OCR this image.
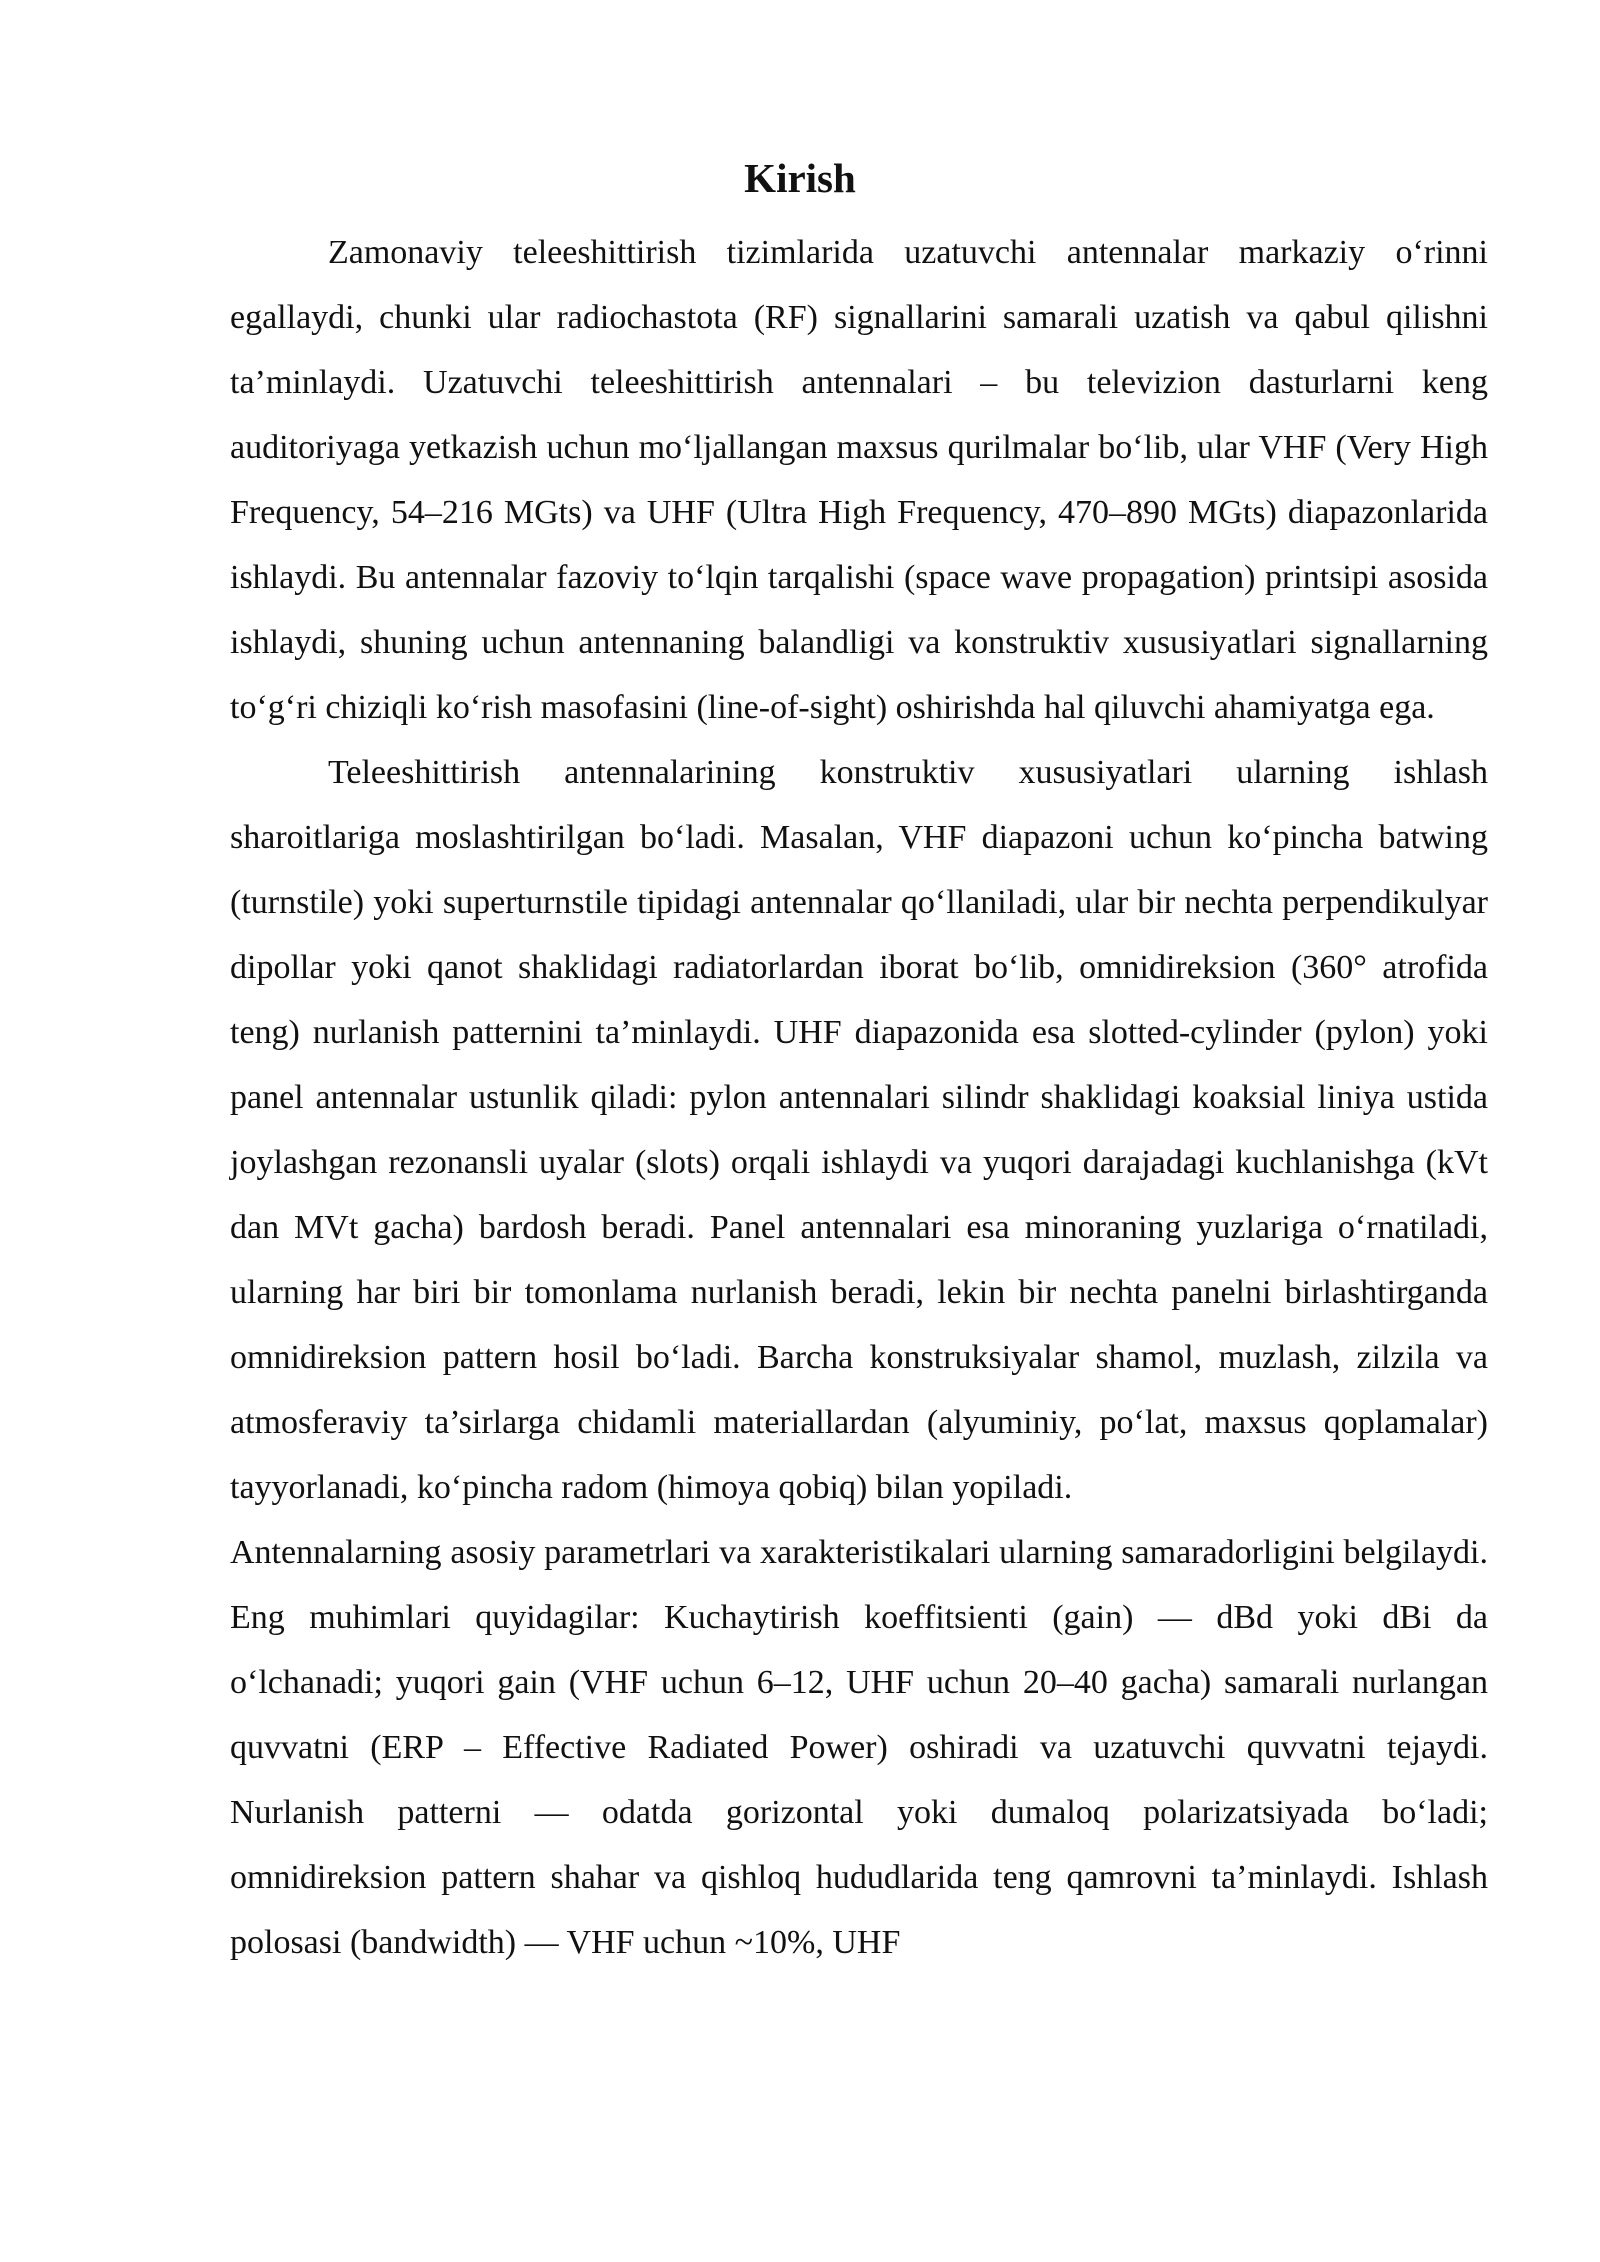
Kirish

Zamonaviy teleeshittirish tizimlarida uzatuvchi antennalar markaziy o‘rinni egallaydi, chunki ular radiochastota (RF) signallarini samarali uzatish va qabul qilishni ta’minlaydi. Uzatuvchi teleeshittirish antennalari – bu televizion dasturlarni keng auditoriyaga yetkazish uchun mo‘ljallangan maxsus qurilmalar bo‘lib, ular VHF (Very High Frequency, 54–216 MGts) va UHF (Ultra High Frequency, 470–890 MGts) diapazonlarida ishlaydi. Bu antennalar fazoviy to‘lqin tarqalishi (space wave propagation) printsipi asosida ishlaydi, shuning uchun antennaning balandligi va konstruktiv xususiyatlari signallarning to‘g‘ri chiziqli ko‘rish masofasini (line-of-sight) oshirishda hal qiluvchi ahamiyatga ega.

Teleeshittirish antennalarining konstruktiv xususiyatlari ularning ishlash sharoitlariga moslashtirilgan bo‘ladi. Masalan, VHF diapazoni uchun ko‘pincha batwing (turnstile) yoki superturnstile tipidagi antennalar qo‘llaniladi, ular bir nechta perpendikulyar dipollar yoki qanot shaklidagi radiatorlardan iborat bo‘lib, omnidireksion (360° atrofida teng) nurlanish patternini ta’minlaydi. UHF diapazonida esa slotted-cylinder (pylon) yoki panel antennalar ustunlik qiladi: pylon antennalari silindr shaklidagi koaksial liniya ustida joylashgan rezonansli uyalar (slots) orqali ishlaydi va yuqori darajadagi kuchlanishga (kVt dan MVt gacha) bardosh beradi. Panel antennalari esa minoraning yuzlariga o‘rnatiladi, ularning har biri bir tomonlama nurlanish beradi, lekin bir nechta panelni birlashtirganda omnidireksion pattern hosil bo‘ladi. Barcha konstruksiyalar shamol, muzlash, zilzila va atmosferaviy ta’sirlarga chidamli materiallardan (alyuminiy, po‘lat, maxsus qoplamalar) tayyorlanadi, ko‘pincha radom (himoya qobiq) bilan yopiladi.

Antennalarning asosiy parametrlari va xarakteristikalari ularning samaradorligini belgilaydi. Eng muhimlari quyidagilar: Kuchaytirish koeffitsienti (gain) — dBd yoki dBi da o‘lchanadi; yuqori gain (VHF uchun 6–12, UHF uchun 20–40 gacha) samarali nurlangan quvvatni (ERP – Effective Radiated Power) oshiradi va uzatuvchi quvvatni tejaydi. Nurlanish patterni — odatda gorizontal yoki dumaloq polarizatsiyada bo‘ladi; omnidireksion pattern shahar va qishloq hududlarida teng qamrovni ta’minlaydi. Ishlash polosasi (bandwidth) — VHF uchun ~10%, UHF
